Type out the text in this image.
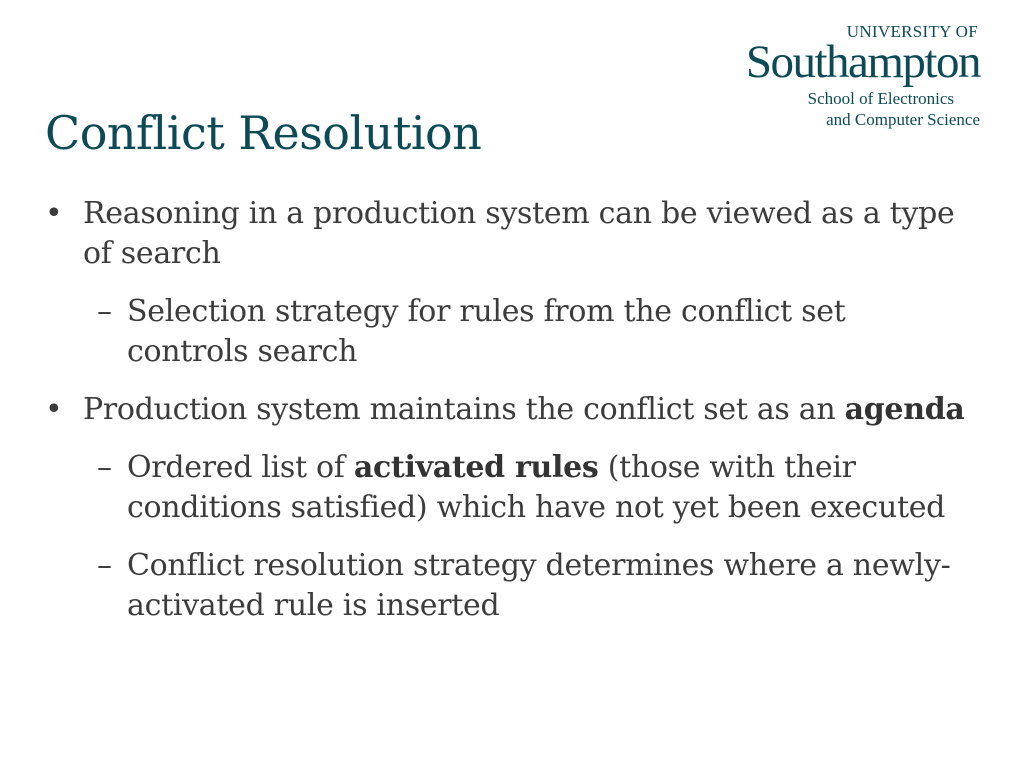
UNIVERSITY OF
Southampton
School of Electronics
and Computer Science
Conflict Resolution
• Reasoning in a production system can be viewed as a type of search
– Selection strategy for rules from the conflict set controls search
• Production system maintains the conflict set as an agenda
– Ordered list of activated rules (those with their conditions satisfied) which have not yet been executed
– Conflict resolution strategy determines where a newly-activated rule is inserted
